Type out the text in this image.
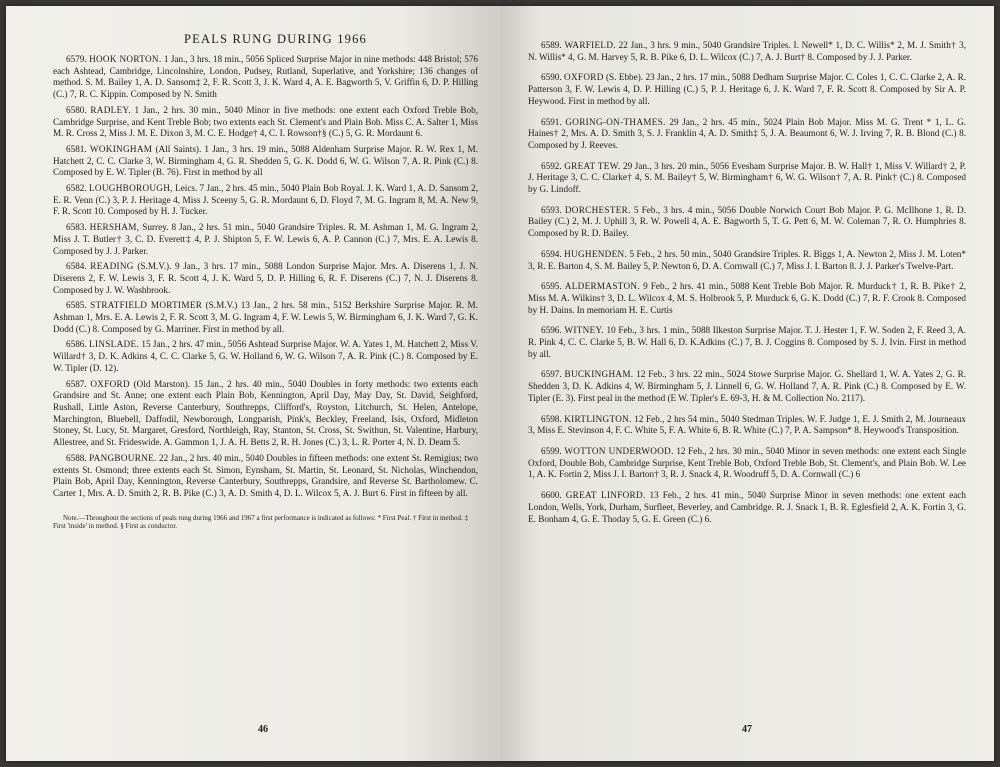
PEALS RUNG DURING 1966
6579. HOOK NORTON. 1 Jan., 3 hrs. 18 min., 5056 Spliced Surprise Major in nine methods: 448 Bristol; 576 each Ashtead, Cambridge, Lincolnshire, London, Pudsey, Rutland, Superlative, and Yorkshire; 136 changes of method. S. M. Bailey 1, A. D. Sansom‡ 2, F. R. Scott 3, J. K. Ward 4, A. E. Bagworth 5, V. Griffin 6, D. P. Hilling (C.) 7, R. C. Kippin. Composed by N. Smith
6580. RADLEY. 1 Jan., 2 hrs. 30 min., 5040 Minor in five methods: one extent each Oxford Treble Bob, Cambridge Surprise, and Kent Treble Bob; two extents each St. Clement's and Plain Bob. Miss C. A. Salter 1, Miss M. R. Cross 2, Miss J. M. E. Dixon 3, M. C. E. Hodge† 4, C. I. Rowson†§ (C.) 5, G. R. Mordaunt 6.
6581. WOKINGHAM (All Saints). 1 Jan., 3 hrs. 19 min., 5088 Aldenham Surprise Major. R. W. Rex 1, M. Hatchett 2, C. C. Clarke 3, W. Birmingham 4, G. R. Shedden 5, G. K. Dodd 6, W. G. Wilson 7, A. R. Pink (C.) 8. Composed by E. W. Tipler (B. 76). First in method by all
6582. LOUGHBOROUGH, Leics. 7 Jan., 2 hrs. 45 min., 5040 Plain Bob Royal. J. K. Ward 1, A. D. Sansom 2, E. R. Venn (C.) 3, P. J. Heritage 4, Miss J. Sceeny 5, G. R. Mordaunt 6, D. Floyd 7, M. G. Ingram 8, M. A. New 9, F. R. Scott 10. Composed by H. J. Tucker.
6583. HERSHAM, Surrey. 8 Jan., 2 hrs. 51 min., 5040 Grandsire Triples. R. M. Ashman 1, M. G. Ingram 2, Miss J. T. Butler† 3, C. D. Everett‡ 4, P. J. Shipton 5, F. W. Lewis 6, A. P. Cannon (C.) 7, Mrs. E. A. Lewis 8. Composed by J. J. Parker.
6584. READING (S.M.V.). 9 Jan., 3 hrs. 17 min., 5088 London Surprise Major. Mrs. A. Diserens 1, J. N. Diserens 2, F. W. Lewis 3, F. R. Scott 4, J. K. Ward 5, D. P. Hilling 6, R. F. Diserens (C.) 7, N. J. Diserens 8. Composed by J. W. Washbrook.
6585. STRATFIELD MORTIMER (S.M.V.) 13 Jan., 2 hrs. 58 min., 5152 Berkshire Surprise Major. R. M. Ashman 1, Mrs. E. A. Lewis 2, F. R. Scott 3, M. G. Ingram 4, F. W. Lewis 5, W. Birmingham 6, J. K. Ward 7, G. K. Dodd (C.) 8. Composed by G. Marriner. First in method by all.
6586. LINSLADE. 15 Jan., 2 hrs. 47 min., 5056 Ashtead Surprise Major. W. A. Yates 1, M. Hatchett 2, Miss V. Willard† 3, D. K. Adkins 4, C. C. Clarke 5, G. W. Holland 6, W. G. Wilson 7, A. R. Pink (C.) 8. Composed by E. W. Tipler (D. 12).
6587. OXFORD (Old Marston). 15 Jan., 2 hrs. 40 min., 5040 Doubles in forty methods: two extents each Grandsire and St. Anne; one extent each Plain Bob, Kennington, April Day, May Day, St. David, Seighford, Rushall, Little Aston, Reverse Canterbury, Southrepps, Clifford's, Royston, Litchurch, St. Helen, Antelope, Marchington, Bluebell, Daffodil, Newborough, Longparish, Pink's, Beckley, Freeland, Isis, Oxford, Midleton Stoney, St. Lucy, St. Margaret, Gresford, Northleigh, Ray, Stanton, St. Cross, St. Swithun, St. Valentine, Harbury, Allestree, and St. Frideswide. A. Gammon 1, J. A. H. Betts 2, R. H. Jones (C.) 3, L. R. Porter 4, N. D. Deam 5.
6588. PANGBOURNE. 22 Jan., 2 hrs. 40 min., 5040 Doubles in fifteen methods: one extent St. Remigius; two extents St. Osmond; three extents each St. Simon, Eynsham, St. Martin, St. Leonard, St. Nicholas, Winchendon, Plain Bob, April Day, Kennington, Reverse Canterbury, Southrepps, Grandsire, and Reverse St. Bartholomew. C. Carter 1, Mrs. A. D. Smith 2, R. B. Pike (C.) 3, A. D. Smith 4, D. L. Wilcox 5, A. J. Burt 6. First in fifteen by all.
Note.—Throughout the sections of peals rung during 1966 and 1967 a first performance is indicated as follows: * First Peal. † First in method. ‡ First 'inside' in method. § First as conductor.
46
6589. WARFIELD. 22 Jan., 3 hrs. 9 min., 5040 Grandsire Triples. I. Newell* 1, D. C. Willis* 2, M. J. Smith† 3, N. Willis* 4, G. M. Harvey 5, R. B. Pike 6, D. L. Wilcox (C.) 7, A. J. Burt† 8. Composed by J. J. Parker.
6590. OXFORD (S. Ebbe). 23 Jan., 2 hrs. 17 min., 5088 Dedham Surprise Major. C. Coles 1, C. C. Clarke 2, A. R. Patterson 3, F. W. Lewis 4, D. P. Hilling (C.) 5, P. J. Heritage 6, J. K. Ward 7, F. R. Scott 8. Composed by Sir A. P. Heywood. First in method by all.
6591. GORING-ON-THAMES. 29 Jan., 2 hrs. 45 min., 5024 Plain Bob Major. Miss M. G. Trent * 1, L. G. Haines† 2, Mrs. A. D. Smith 3, S. J. Franklin 4, A. D. Smith‡ 5, J. A. Beaumont 6, W. J. Irving 7, R. B. Blond (C.) 8. Composed by J. Reeves.
6592. GREAT TEW. 29 Jan., 3 hrs. 20 min., 5056 Evesham Surprise Major. B. W. Hall† 1, Miss V. Willard† 2, P. J. Heritage 3, C. C. Clarke† 4, S. M. Bailey† 5, W. Birmingham† 6, W. G. Wilson† 7, A. R. Pink† (C.) 8. Composed by G. Lindoff.
6593. DORCHESTER. 5 Feb., 3 hrs. 4 min., 5056 Double Norwich Court Bob Major. P. G. McIlhone 1, R. D. Bailey (C.) 2, M. J. Uphill 3, R. W. Powell 4, A. E. Bagworth 5, T. G. Pett 6, M. W. Coleman 7, R. O. Humphries 8. Composed by R. D. Bailey.
6594. HUGHENDEN. 5 Feb., 2 hrs. 50 min., 5040 Grandsire Triples. R. Biggs 1, A. Newton 2, Miss J. M. Loten* 3, R. E. Barton 4, S. M. Bailey 5, P. Newton 6, D. A. Cornwall (C.) 7, Miss J. I. Barton 8. J. J. Parker's Twelve-Part.
6595. ALDERMASTON. 9 Feb., 2 hrs. 41 min., 5088 Kent Treble Bob Major. R. Murduck† 1, R. B. Pike† 2, Miss M. A. Wilkins† 3, D. L. Wilcox 4, M. S. Holbrook 5, P. Murduck 6, G. K. Dodd (C.) 7, R. F. Crook 8. Composed by H. Dains. In memoriam H. E. Curtis
6596. WITNEY. 10 Feb., 3 hrs. 1 min., 5088 Ilkeston Surprise Major. T. J. Hester 1, F. W. Soden 2, F. Reed 3, A. R. Pink 4, C. C. Clarke 5, B. W. Hall 6, D. K.Adkins (C.) 7, B. J. Coggins 8. Composed by S. J. Ivin. First in method by all.
6597. BUCKINGHAM. 12 Feb., 3 hrs. 22 min., 5024 Stowe Surprise Major. G. Shellard 1, W. A. Yates 2, G. R. Shedden 3, D. K. Adkins 4, W. Birmingham 5, J. Linnell 6, G. W. Holland 7, A. R. Pink (C.) 8. Composed by E. W. Tipler (E. 3). First peal in the method (E W. Tipler's E. 69-3, H. & M. Collection No. 2117).
6598. KIRTLINGTON. 12 Feb., 2 hrs 54 min., 5040 Stedman Triples. W. F. Judge 1, E. J. Smith 2, M. Journeaux 3, Miss E. Stevinson 4, F. C. White 5, F. A. White 6, B. R. White (C.) 7, P. A. Sampson* 8. Heywood's Transposition.
6599. WOTTON UNDERWOOD. 12 Feb., 2 hrs. 30 min., 5040 Minor in seven methods: one extent each Single Oxford, Double Bob, Cambridge Surprise, Kent Treble Bob, Oxford Treble Bob, St. Clement's, and Plain Bob. W. Lee 1, A. K. Fortin 2, Miss J. I. Barton† 3, R. J. Snack 4, R. Woodruff 5, D. A. Cornwall (C.) 6
6600. GREAT LINFORD. 13 Feb., 2 hrs. 41 min., 5040 Surprise Minor in seven methods: one extent each London, Wells, York, Durham, Surfleet, Beverley, and Cambridge. R. J. Snack 1, B. R. Eglesfield 2, A. K. Fortin 3, G. E. Bonham 4, G. E. Thoday 5, G. E. Green (C.) 6.
47
